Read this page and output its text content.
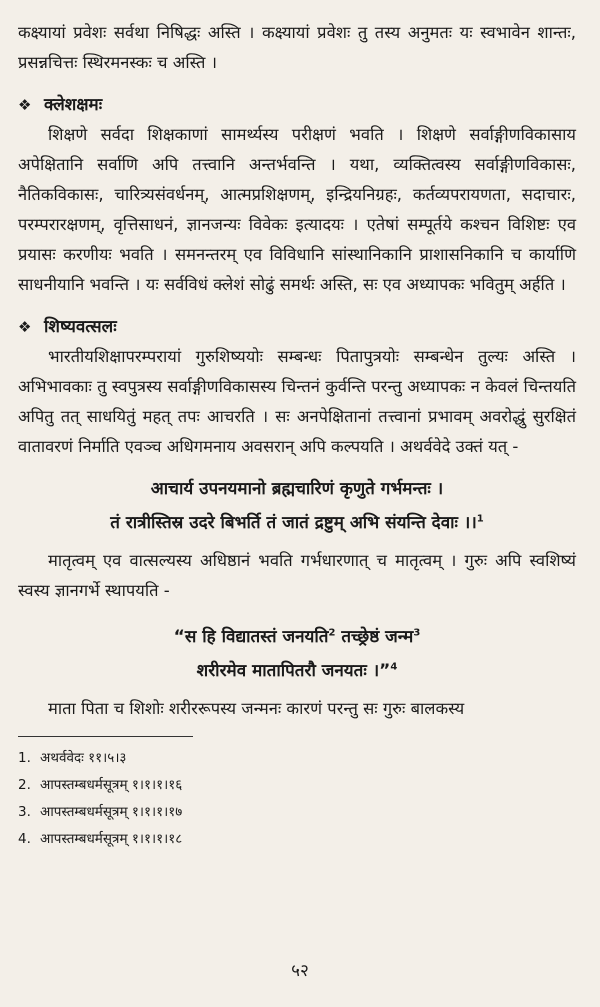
कक्ष्यायां प्रवेशः सर्वथा निषिद्धः अस्ति । कक्ष्यायां प्रवेशः तु तस्य अनुमतः यः स्वभावेन शान्तः, प्रसन्नचित्तः स्थिरमनस्कः च अस्ति ।

❖ क्लेशक्षमः

शिक्षणे सर्वदा शिक्षकाणां सामर्थ्यस्य परीक्षणं भवति । शिक्षणे सर्वाङ्गीणविकासाय अपेक्षितानि सर्वाणि अपि तत्त्वानि अन्तर्भवन्ति । यथा, व्यक्तित्वस्य सर्वाङ्गीणविकासः, नैतिकविकासः, चारित्र्यसंवर्धनम्, आत्मप्रशिक्षणम्, इन्द्रियनिग्रहः, कर्तव्यपरायणता, सदाचारः, परम्परारक्षणम्, वृत्तिसाधनं, ज्ञानजन्यः विवेकः इत्यादयः । एतेषां सम्पूर्तये कश्चन विशिष्टः एव प्रयासः करणीयः भवति । समनन्तरम् एव विविधानि सांस्थानिकानि प्राशासनिकानि च कार्याणि साधनीयानि भवन्ति । यः सर्वविधं क्लेशं सोढुं समर्थः अस्ति, सः एव अध्यापकः भवितुम् अर्हति ।

❖ शिष्यवत्सलः

भारतीयशिक्षापरम्परायां गुरुशिष्ययोः सम्बन्धः पितापुत्रयोः सम्बन्धेन तुल्यः अस्ति । अभिभावकाः तु स्वपुत्रस्य सर्वाङ्गीणविकासस्य चिन्तनं कुर्वन्ति परन्तु अध्यापकः न केवलं चिन्तयति अपितु तत् साधयितुं महत् तपः आचरति । सः अनपेक्षितानां तत्त्वानां प्रभावम् अवरोद्धुं सुरक्षितं वातावरणं निर्माति एवञ्च अधिगमनाय अवसरान् अपि कल्पयति । अथर्ववेदे उक्तं यत् -

आचार्य उपनयमानो ब्रह्मचारिणं कृणुते गर्भमन्तः ।
तं रात्रीस्तिस्र उदरे बिभर्ति तं जातं द्रष्टुम् अभि संयन्ति देवाः ।।$^1$

मातृत्वम् एव वात्सल्यस्य अधिष्ठानं भवति गर्भधारणात् च मातृत्वम् । गुरुः अपि स्वशिष्यं स्वस्य ज्ञानगर्भे स्थापयति -

“स हि विद्यातस्तं जनयति$^2$ तच्छ्रेष्ठं जन्म$^3$
शरीरमेव मातापितरौ जनयतः ।”$^4$

माता पिता च शिशोः शरीररूपस्य जन्मनः कारणं परन्तु सः गुरुः बालकस्य

1. अथर्ववेदः ११।५।३
2. आपस्तम्बधर्मसूत्रम् १।१।१।१६
3. आपस्तम्बधर्मसूत्रम् १।१।१।१७
4. आपस्तम्बधर्मसूत्रम् १।१।१।१८
५२
